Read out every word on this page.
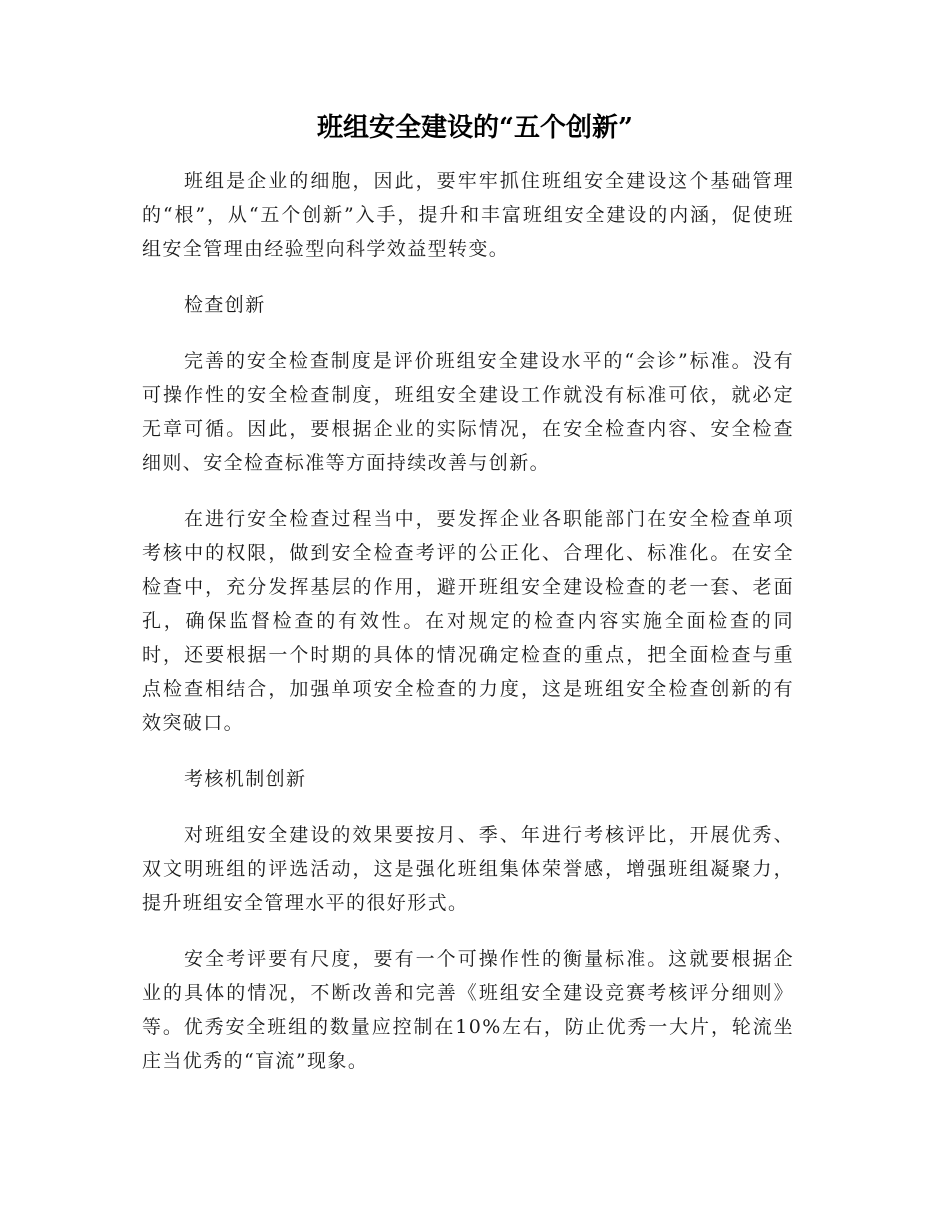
班组安全建设的“五个创新”

班组是企业的细胞，因此，要牢牢抓住班组安全建设这个基础管理的“根”，从“五个创新”入手，提升和丰富班组安全建设的内涵，促使班组安全管理由经验型向科学效益型转变。

检查创新

完善的安全检查制度是评价班组安全建设水平的“会诊”标准。没有可操作性的安全检查制度，班组安全建设工作就没有标准可依，就必定无章可循。因此，要根据企业的实际情况，在安全检查内容、安全检查细则、安全检查标准等方面持续改善与创新。

在进行安全检查过程当中，要发挥企业各职能部门在安全检查单项考核中的权限，做到安全检查考评的公正化、合理化、标准化。在安全检查中，充分发挥基层的作用，避开班组安全建设检查的老一套、老面孔，确保监督检查的有效性。在对规定的检查内容实施全面检查的同时，还要根据一个时期的具体的情况确定检查的重点，把全面检查与重点检查相结合，加强单项安全检查的力度，这是班组安全检查创新的有效突破口。

考核机制创新

对班组安全建设的效果要按月、季、年进行考核评比，开展优秀、双文明班组的评选活动，这是强化班组集体荣誉感，增强班组凝聚力，提升班组安全管理水平的很好形式。

安全考评要有尺度，要有一个可操作性的衡量标准。这就要根据企业的具体的情况，不断改善和完善《班组安全建设竞赛考核评分细则》等。优秀安全班组的数量应控制在10%左右，防止优秀一大片，轮流坐庄当优秀的“盲流”现象。
